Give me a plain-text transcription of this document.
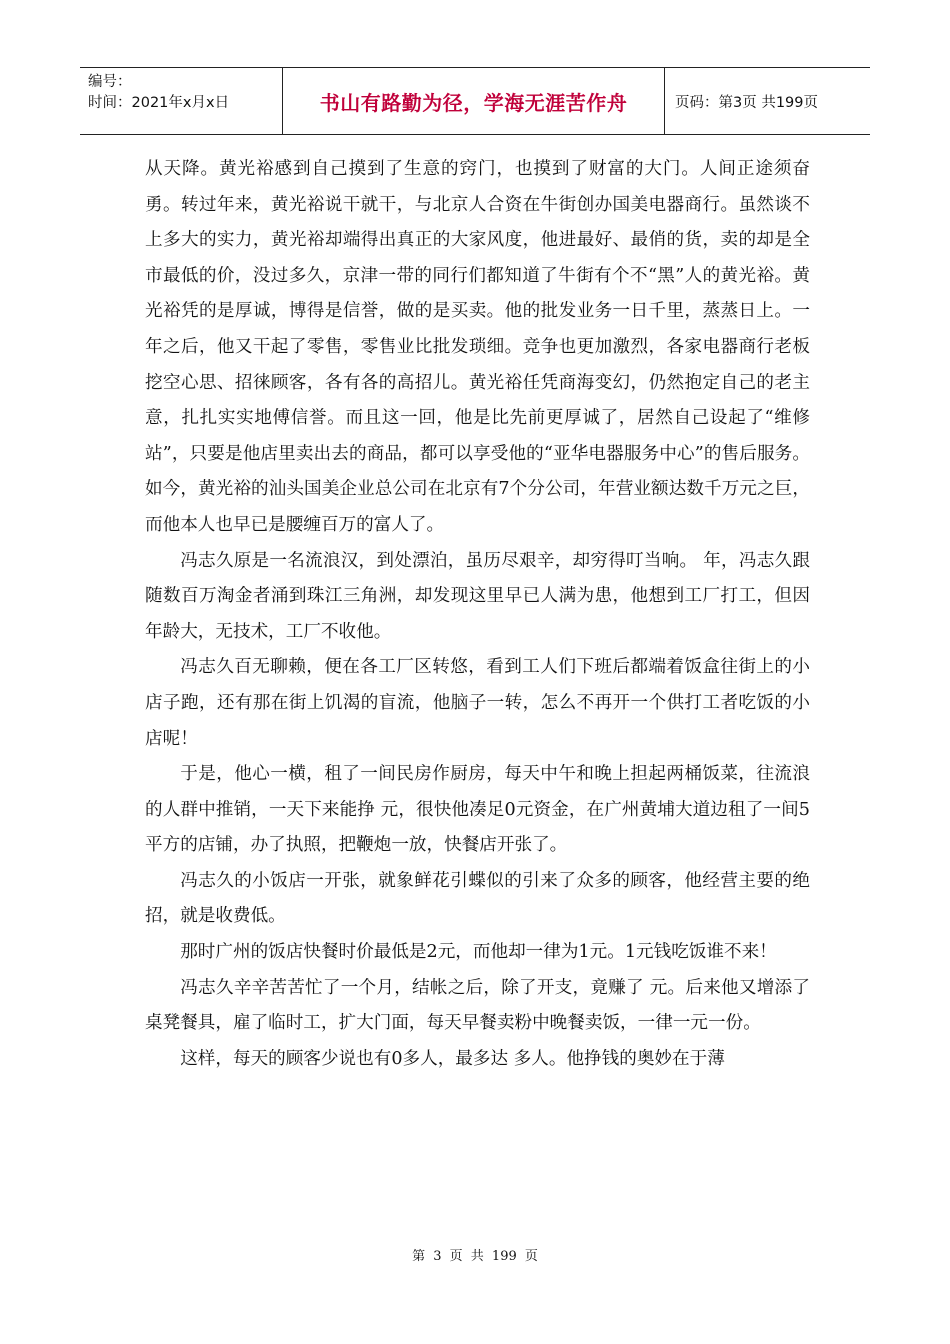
编号：
时间：2021年x月x日	书山有路勤为径，学海无涯苦作舟	页码：第3页 共199页

从天降。黄光裕感到自己摸到了生意的窍门，也摸到了财富的大门。人间正途须奋勇。转过年来，黄光裕说干就干，与北京人合资在牛街创办国美电器商行。虽然谈不上多大的实力，黄光裕却端得出真正的大家风度，他进最好、最俏的货，卖的却是全市最低的价，没过多久，京津一带的同行们都知道了牛街有个不“黑”人的黄光裕。黄光裕凭的是厚诚，博得是信誉，做的是买卖。他的批发业务一日千里，蒸蒸日上。一年之后，他又干起了零售，零售业比批发琐细。竞争也更加激烈，各家电器商行老板挖空心思、招徕顾客，各有各的高招儿。黄光裕任凭商海变幻，仍然抱定自己的老主意，扎扎实实地傅信誉。而且这一回，他是比先前更厚诚了，居然自己设起了“维修站”，只要是他店里卖出去的商品，都可以享受他的“亚华电器服务中心”的售后服务。如今，黄光裕的汕头国美企业总公司在北京有7个分公司，年营业额达数千万元之巨，而他本人也早已是腰缠百万的富人了。

冯志久原是一名流浪汉，到处漂泊，虽历尽艰辛，却穷得叮当响。 年，冯志久跟随数百万淘金者涌到珠江三角洲，却发现这里早已人满为患，他想到工厂打工，但因年龄大，无技术，工厂不收他。

冯志久百无聊赖，便在各工厂区转悠，看到工人们下班后都端着饭盒往街上的小店子跑，还有那在街上饥渴的盲流，他脑子一转，怎么不再开一个供打工者吃饭的小店呢！

于是，他心一横，租了一间民房作厨房，每天中午和晚上担起两桶饭菜，往流浪的人群中推销，一天下来能挣 元，很快他凑足0元资金，在广州黄埔大道边租了一间5平方的店铺，办了执照，把鞭炮一放，快餐店开张了。

冯志久的小饭店一开张，就象鲜花引蝶似的引来了众多的顾客，他经营主要的绝招，就是收费低。

那时广州的饭店快餐时价最低是2元，而他却一律为1元。1元钱吃饭谁不来！

冯志久辛辛苦苦忙了一个月，结帐之后，除了开支，竟赚了 元。后来他又增添了桌凳餐具，雇了临时工，扩大门面，每天早餐卖粉中晚餐卖饭，一律一元一份。

这样，每天的顾客少说也有0多人，最多达 多人。他挣钱的奥妙在于薄

第 3 页 共 199 页
